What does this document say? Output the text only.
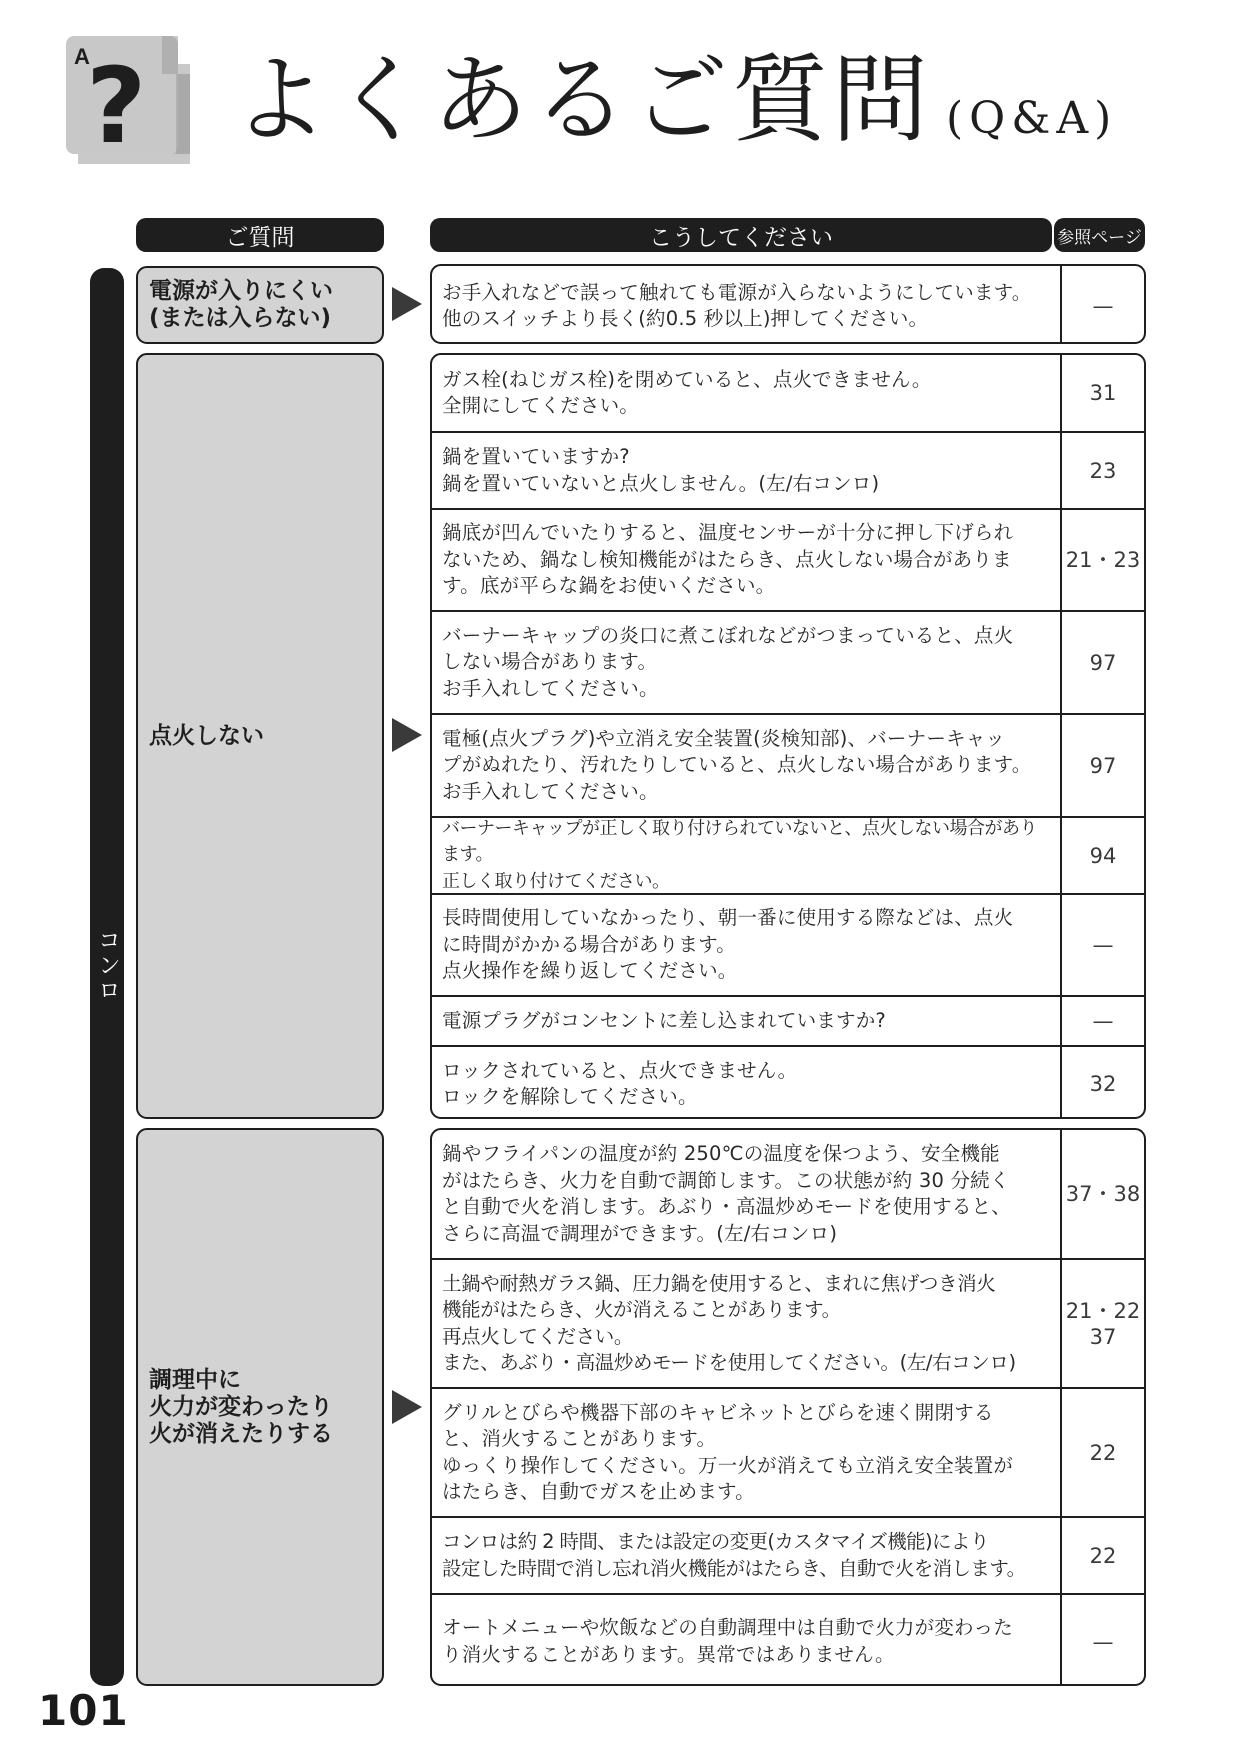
A
? よくあるご質問 (Q&A)
ご質問	こうしてください	参照ページ
コンロ
電源が入りにくい
(または入らない)
お手入れなどで誤って触れても電源が入らないようにしています。
他のスイッチより長く(約0.5 秒以上)押してください。
—
点火しない
ガス栓(ねじガス栓)を閉めていると、点火できません。
全開にしてください。
31
鍋を置いていますか?
鍋を置いていないと点火しません。(左/右コンロ)
23
鍋底が凹んでいたりすると、温度センサーが十分に押し下げられ
ないため、鍋なし検知機能がはたらき、点火しない場合がありま
す。底が平らな鍋をお使いください。
21・23
バーナーキャップの炎口に煮こぼれなどがつまっていると、点火
しない場合があります。
お手入れしてください。
97
電極(点火プラグ)や立消え安全装置(炎検知部)、バーナーキャッ
プがぬれたり、汚れたりしていると、点火しない場合があります。
お手入れしてください。
97
バーナーキャップが正しく取り付けられていないと、点火しない場合があります。
正しく取り付けてください。
94
長時間使用していなかったり、朝一番に使用する際などは、点火
に時間がかかる場合があります。
点火操作を繰り返してください。
—
電源プラグがコンセントに差し込まれていますか?	—
ロックされていると、点火できません。
ロックを解除してください。
32
調理中に
火力が変わったり
火が消えたりする
鍋やフライパンの温度が約 250℃の温度を保つよう、安全機能
がはたらき、火力を自動で調節します。この状態が約 30 分続く
と自動で火を消します。あぶり・高温炒めモードを使用すると、
さらに高温で調理ができます。(左/右コンロ)
37・38
土鍋や耐熱ガラス鍋、圧力鍋を使用すると、まれに焦げつき消火
機能がはたらき、火が消えることがあります。
再点火してください。
また、あぶり・高温炒めモードを使用してください。(左/右コンロ)
21・22
37
グリルとびらや機器下部のキャビネットとびらを速く開閉する
と、消火することがあります。
ゆっくり操作してください。万一火が消えても立消え安全装置が
はたらき、自動でガスを止めます。
22
コンロは約 2 時間、または設定の変更(カスタマイズ機能)により
設定した時間で消し忘れ消火機能がはたらき、自動で火を消します。
22
オートメニューや炊飯などの自動調理中は自動で火力が変わった
り消火することがあります。異常ではありません。
—
101
